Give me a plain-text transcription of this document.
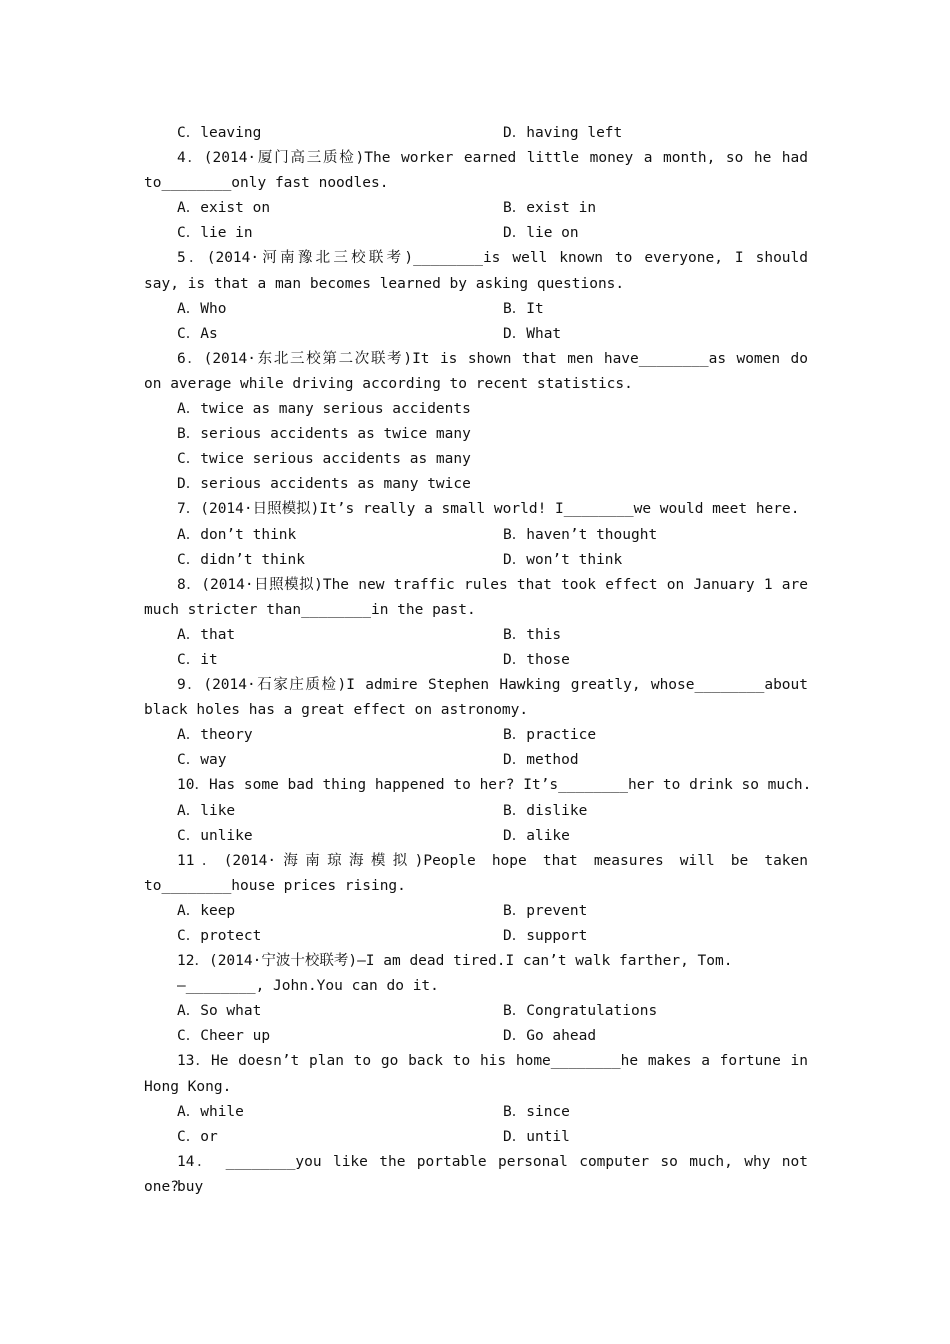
C．leaving	D．having left
4．(2014·厦门高三质检)The worker earned little money a month, so he had
to________only fast noodles.
A．exist on	B．exist in
C．lie in	D．lie on
5．(2014·河南豫北三校联考)________is well known to everyone, I should
say, is that a man becomes learned by asking questions.
A．Who	B．It
C．As	D．What
6．(2014·东北三校第二次联考)It is shown that men have________as women do
on average while driving according to recent statistics.
A．twice as many serious accidents
B．serious accidents as twice many
C．twice serious accidents as many
D．serious accidents as many twice
7．(2014·日照模拟)It’s really a small world! I________we would meet here.
A．don’t think	B．haven’t thought
C．didn’t think	D．won’t think
8．(2014·日照模拟)The new traffic rules that took effect on January 1 are
much stricter than________in the past.
A．that	B．this
C．it	D．those
9．(2014·石家庄质检)I admire Stephen Hawking greatly, whose________about
black holes has a great effect on astronomy.
A．theory	B．practice
C．way	D．method
10．Has some bad thing happened to her? It’s________her to drink so much.
A．like	B．dislike
C．unlike	D．alike
11．(2014·海南琼海模拟)People hope that measures will be taken
to________house prices rising.
A．keep	B．prevent
C．protect	D．support
12．(2014·宁波十校联考)—I am dead tired.I can’t walk farther, Tom.
—________, John.You can do it.
A．So what	B．Congratulations
C．Cheer up	D．Go ahead
13．He doesn’t plan to go back to his home________he makes a fortune in
Hong Kong.
A．while	B．since
C．or	D．until
14． ________you like the portable personal computer so much, why not buy
one?
